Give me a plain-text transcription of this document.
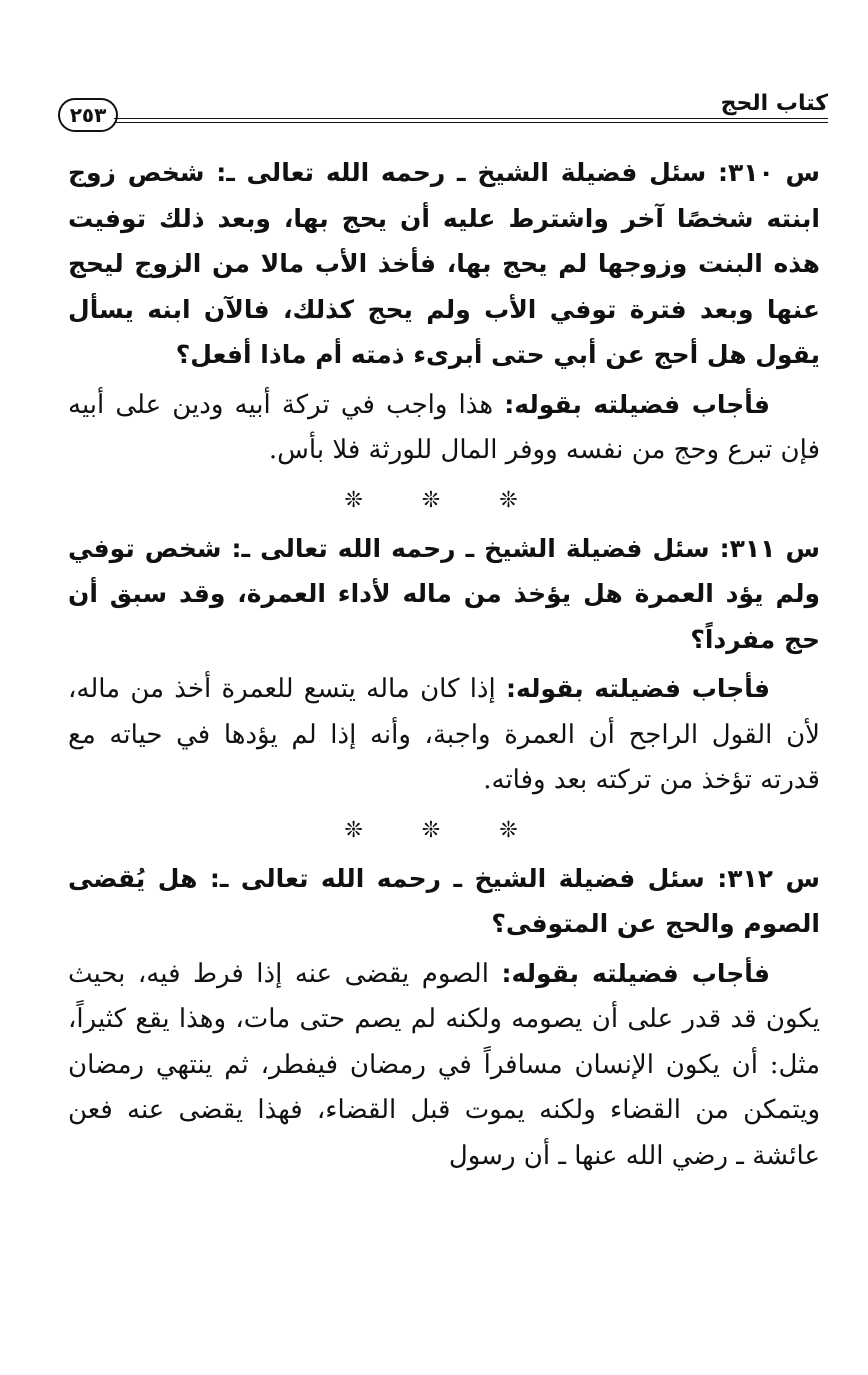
كتاب الحج
٢٥٣

س ٣١٠: سئل فضيلة الشيخ ـ رحمه الله تعالى ـ: شخص زوج ابنته شخصًا آخر واشترط عليه أن يحج بها، وبعد ذلك توفيت هذه البنت وزوجها لم يحج بها، فأخذ الأب مالا من الزوج ليحج عنها وبعد فترة توفي الأب ولم يحج كذلك، فالآن ابنه يسأل يقول هل أحج عن أبي حتى أبرىء ذمته أم ماذا أفعل؟

فأجاب فضيلته بقوله: هذا واجب في تركة أبيه ودين على أبيه فإن تبرع وحج من نفسه ووفر المال للورثة فلا بأس.

❊ ❊ ❊

س ٣١١: سئل فضيلة الشيخ ـ رحمه الله تعالى ـ: شخص توفي ولم يؤد العمرة هل يؤخذ من ماله لأداء العمرة، وقد سبق أن حج مفرداً؟

فأجاب فضيلته بقوله: إذا كان ماله يتسع للعمرة أخذ من ماله، لأن القول الراجح أن العمرة واجبة، وأنه إذا لم يؤدها في حياته مع قدرته تؤخذ من تركته بعد وفاته.

❊ ❊ ❊

س ٣١٢: سئل فضيلة الشيخ ـ رحمه الله تعالى ـ: هل يُقضى الصوم والحج عن المتوفى؟

فأجاب فضيلته بقوله: الصوم يقضى عنه إذا فرط فيه، بحيث يكون قد قدر على أن يصومه ولكنه لم يصم حتى مات، وهذا يقع كثيراً، مثل: أن يكون الإنسان مسافراً في رمضان فيفطر، ثم ينتهي رمضان ويتمكن من القضاء ولكنه يموت قبل القضاء، فهذا يقضى عنه فعن عائشة ـ رضي الله عنها ـ أن رسول
